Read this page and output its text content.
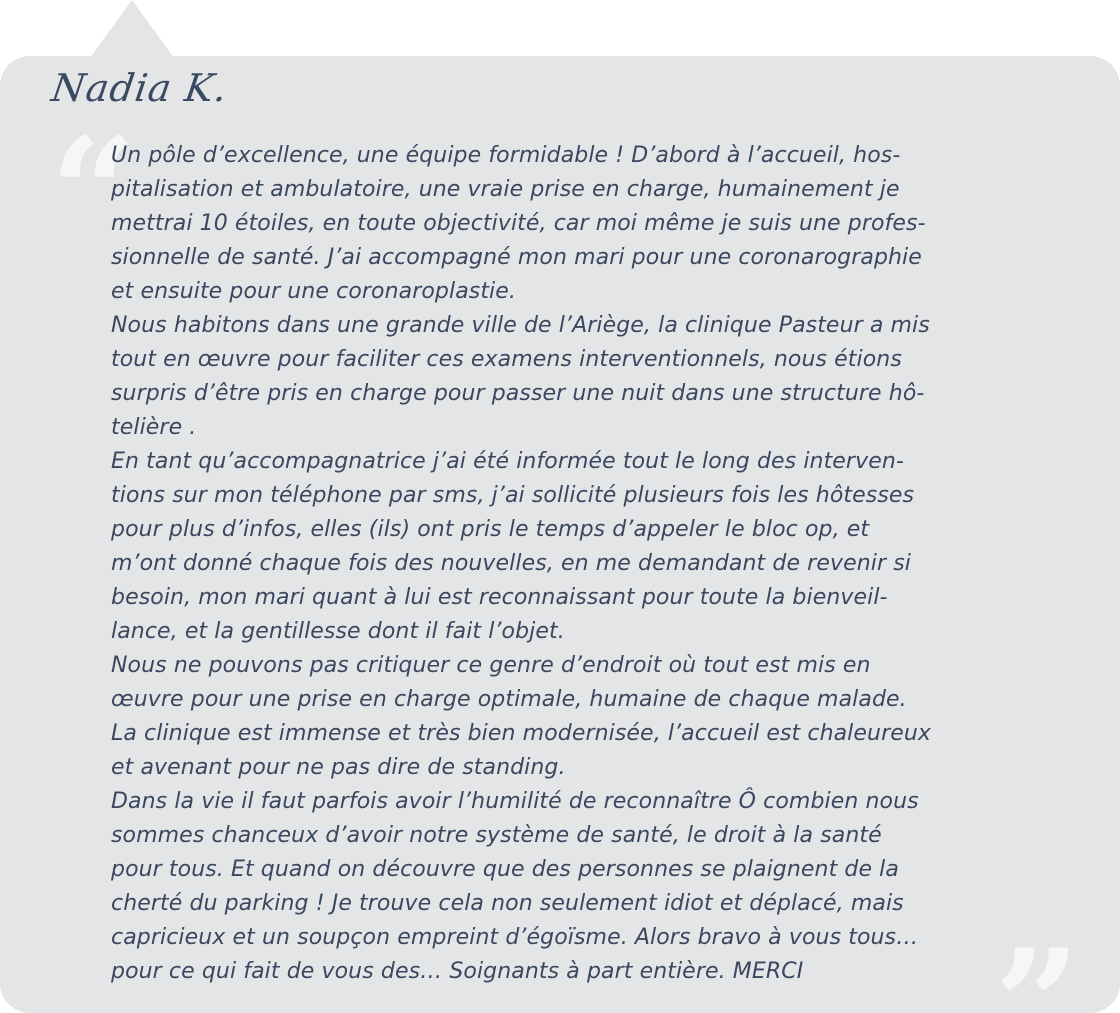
Nadia K.
“
”
Un pôle d’excellence, une équipe formidable ! D’abord à l’accueil, hos-
pitalisation et ambulatoire, une vraie prise en charge, humainement je
mettrai 10 étoiles, en toute objectivité, car moi même je suis une profes-
sionnelle de santé. J’ai accompagné mon mari pour une coronarographie
et ensuite pour une coronaroplastie.
Nous habitons dans une grande ville de l’Ariège, la clinique Pasteur a mis
tout en œuvre pour faciliter ces examens interventionnels, nous étions
surpris d’être pris en charge pour passer une nuit dans une structure hô-
telière .
En tant qu’accompagnatrice j’ai été informée tout le long des interven-
tions sur mon téléphone par sms, j’ai sollicité plusieurs fois les hôtesses
pour plus d’infos, elles (ils) ont pris le temps d’appeler le bloc op, et
m’ont donné chaque fois des nouvelles, en me demandant de revenir si
besoin, mon mari quant à lui est reconnaissant pour toute la bienveil-
lance, et la gentillesse dont il fait l’objet.
Nous ne pouvons pas critiquer ce genre d’endroit où tout est mis en
œuvre pour une prise en charge optimale, humaine de chaque malade.
La clinique est immense et très bien modernisée, l’accueil est chaleureux
et avenant pour ne pas dire de standing.
Dans la vie il faut parfois avoir l’humilité de reconnaître Ô combien nous
sommes chanceux d’avoir notre système de santé, le droit à la santé
pour tous. Et quand on découvre que des personnes se plaignent de la
cherté du parking ! Je trouve cela non seulement idiot et déplacé, mais
capricieux et un soupçon empreint d’égoïsme. Alors bravo à vous tous…
pour ce qui fait de vous des… Soignants à part entière. MERCI
